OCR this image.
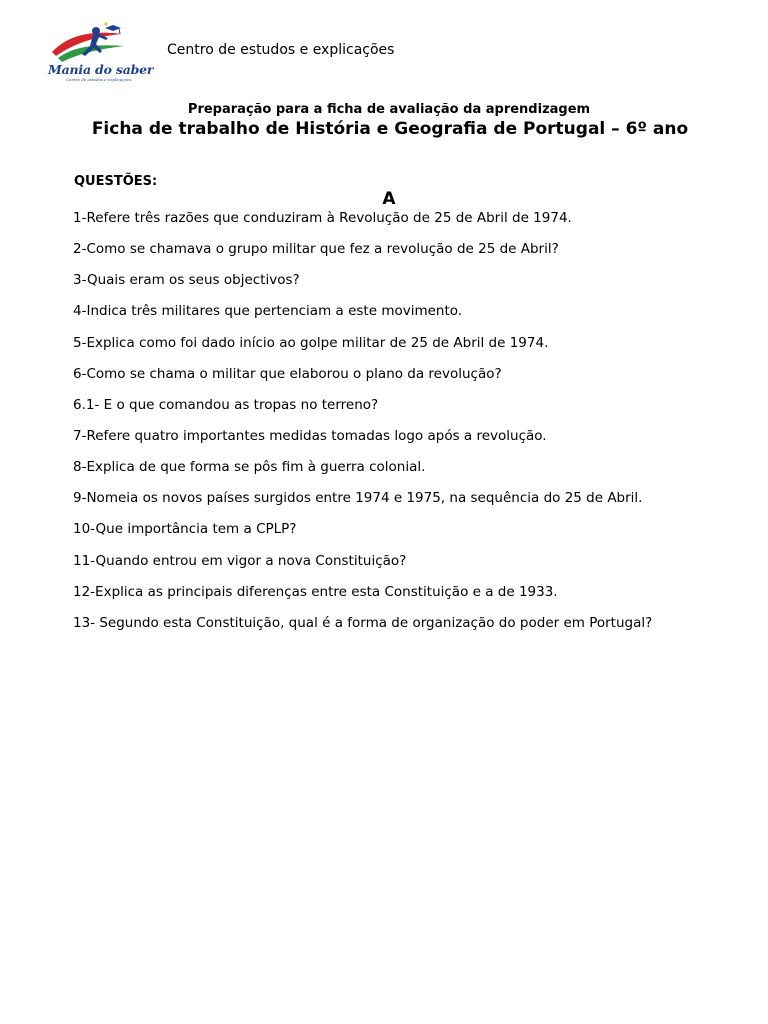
Mania do saber
Centro de estudos e explicações
Centro de estudos e explicações
Preparação para a ficha de avaliação da aprendizagem
Ficha de trabalho de História e Geografia de Portugal – 6º ano
QUESTÕES:
A
1-Refere três razões que conduziram à Revolução de 25 de Abril de 1974.
2-Como se chamava o grupo militar que fez a revolução de 25 de Abril?
3-Quais eram os seus objectivos?
4-Indica três militares que pertenciam a este movimento.
5-Explica como foi dado início ao golpe militar de 25 de Abril de 1974.
6-Como se chama o militar que elaborou o plano da revolução?
6.1- E o que comandou as tropas no terreno?
7-Refere quatro importantes medidas tomadas logo após a revolução.
8-Explica de que forma se pôs fim à guerra colonial.
9-Nomeia os novos países surgidos entre 1974 e 1975, na sequência do 25 de Abril.
10-Que importância tem a CPLP?
11-Quando entrou em vigor a nova Constituição?
12-Explica as principais diferenças entre esta Constituição e a de 1933.
13- Segundo esta Constituição, qual é a forma de organização do poder em Portugal?
